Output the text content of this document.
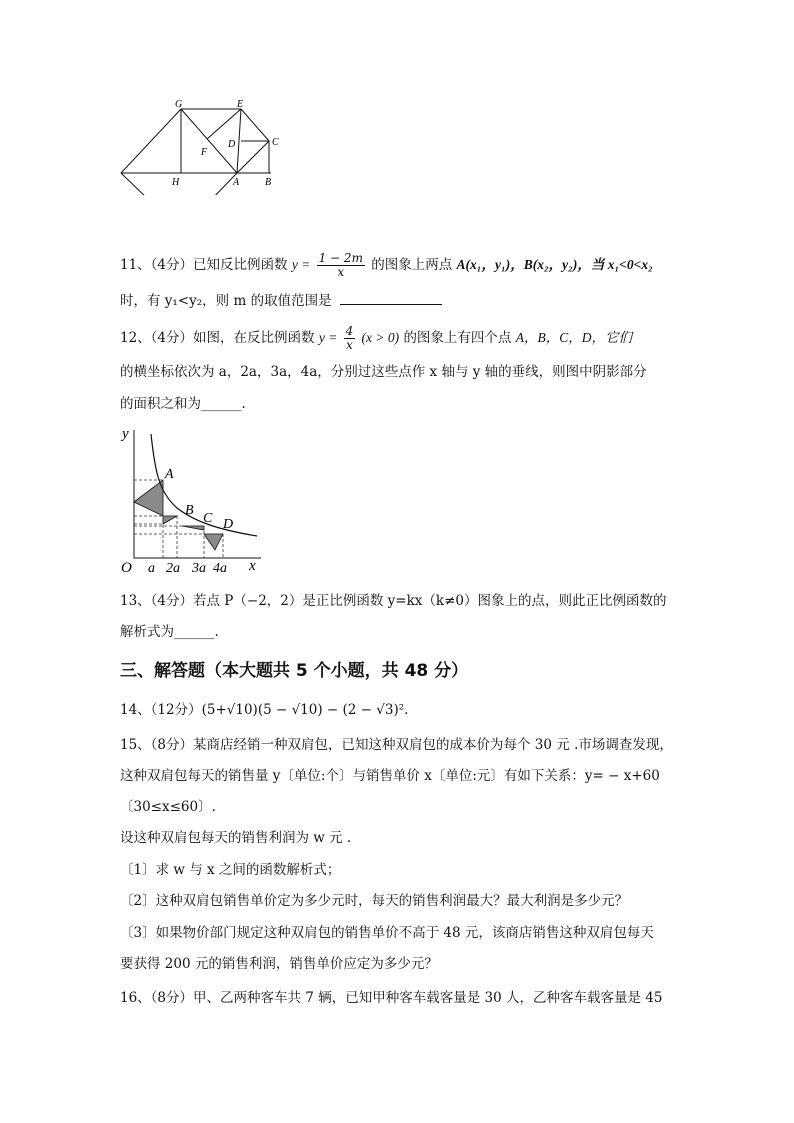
G	E
C
D
F
H	A	B
11、（4分）已知反比例函数 $y = \frac{1 - 2m}{x}$ 的图象上两点 A(x₁，y₁)，B(x₂，y₂)，当 x₁<0<x₂
时，有 y₁<y₂，则 m 的取值范围是
12、（4分）如图，在反比例函数 $y = \frac{4}{x} (x > 0)$ 的图象上有四个点 A，B，C，D，它们
的横坐标依次为 a，2a，3a，4a，分别过这些点作 x 轴与 y 轴的垂线，则图中阴影部分
的面积之和为______.
y
x
O a 2a 3a 4a
A
B
C D
13、（4分）若点 P（−2，2）是正比例函数 y=kx（k≠0）图象上的点，则此正比例函数的
解析式为______.
三、解答题（本大题共 5 个小题，共 48 分）
14、（12分）(5+√10)(5 − √10) − (2 − √3)².
15、（8分）某商店经销一种双肩包，已知这种双肩包的成本价为每个 30 元 .市场调查发现，
这种双肩包每天的销售量 y〔单位:个〕与销售单价 x〔单位:元〕有如下关系：y= − x+60
〔30≤x≤60〕.
设这种双肩包每天的销售利润为 w 元 .
〔1〕求 w 与 x 之间的函数解析式；
〔2〕这种双肩包销售单价定为多少元时，每天的销售利润最大？最大利润是多少元？
〔3〕如果物价部门规定这种双肩包的销售单价不高于 48 元，该商店销售这种双肩包每天
要获得 200 元的销售利润，销售单价应定为多少元？
16、（8分）甲、乙两种客车共 7 辆，已知甲种客车载客量是 30 人，乙种客车载客量是 45
